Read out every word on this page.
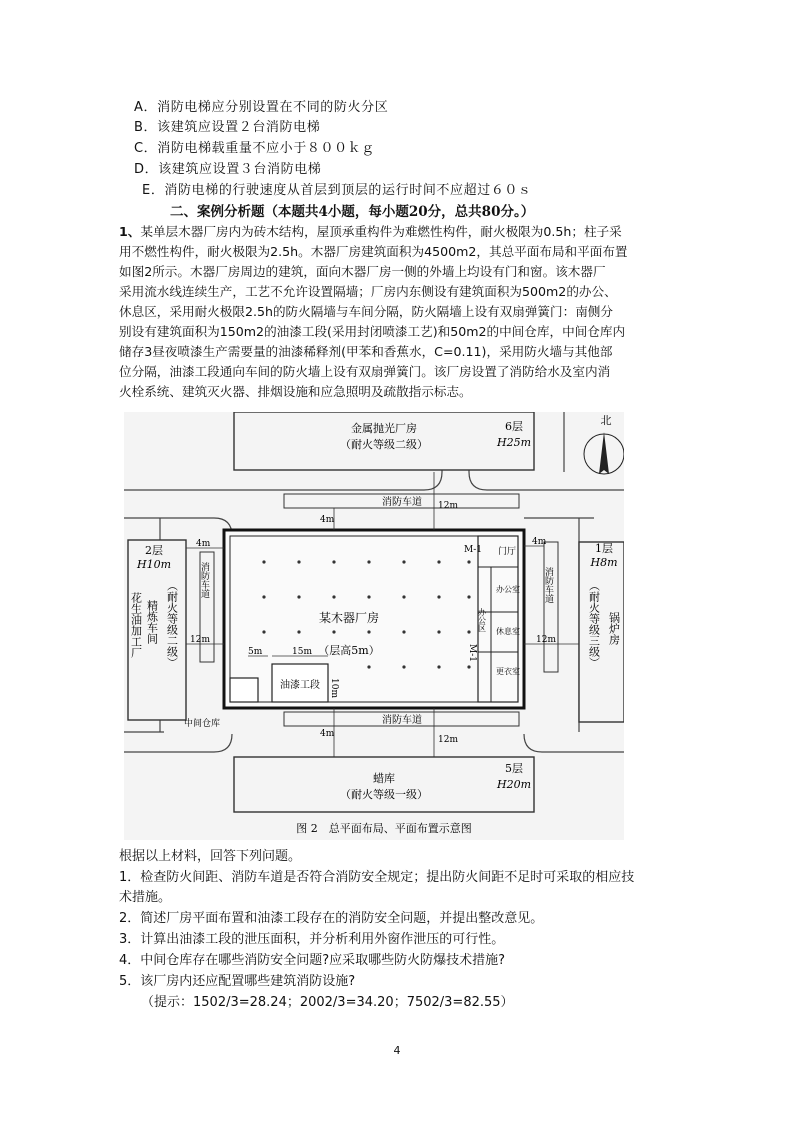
A．消防电梯应分别设置在不同的防火分区
B．该建筑应设置２台消防电梯
C．消防电梯载重量不应小于８００ｋｇ
D．该建筑应设置３台消防电梯
E．消防电梯的行驶速度从首层到顶层的运行时间不应超过６０ｓ
二、案例分析题（本题共4小题，每小题20分，总共80分。）
1、某单层木器厂房内为砖木结构，屋顶承重构件为难燃性构件，耐火极限为0.5h；柱子采
用不燃性构件，耐火极限为2.5h。木器厂房建筑面积为4500m2，其总平面布局和平面布置
如图2所示。木器厂房周边的建筑，面向木器厂房一侧的外墙上均设有门和窗。该木器厂
采用流水线连续生产，工艺不允许设置隔墙；厂房内东侧设有建筑面积为500m2的办公、
休息区，采用耐火极限2.5h的防火隔墙与车间分隔，防火隔墙上设有双扇弹簧门：南侧分
别设有建筑面积为150m2的油漆工段(采用封闭喷漆工艺)和50m2的中间仓库，中间仓库内
储存3昼夜喷漆生产需要量的油漆稀释剂(甲苯和香蕉水，C=0.11)，采用防火墙与其他部
位分隔，油漆工段通向车间的防火墙上设有双扇弹簧门。该厂房设置了消防给水及室内消
火栓系统、建筑灭火器、排烟设施和应急照明及疏散指示标志。
北
金属抛光厂房
（耐火等级二级）
6层
H25m
2层
H10m
花生油加工厂 精炼车间 （耐火等级二级）
1层
H8m
（耐火等级三级） 锅炉房
蜡库
（耐火等级一级）
5层
H20m
某木器厂房
（层高5m）
消防车道
消防车道
消防车道	消防车道
4m
12m
4m
12m
4m
12m
4m
12m
5m	15m
10m
油漆工段
中间仓库
M-1
M-1
门厅
办公室
休息室
更衣室
办公区
图 2　总平面布局、平面布置示意图
根据以上材料，回答下列问题。
1．检查防火间距、消防车道是否符合消防安全规定；提出防火间距不足时可采取的相应技
术措施。
2．简述厂房平面布置和油漆工段存在的消防安全问题，并提出整改意见。
3．计算出油漆工段的泄压面积，并分析利用外窗作泄压的可行性。
4．中间仓库存在哪些消防安全问题?应采取哪些防火防爆技术措施?
5．该厂房内还应配置哪些建筑消防设施?
（提示：1502/3=28.24；2002/3=34.20；7502/3=82.55）
4
